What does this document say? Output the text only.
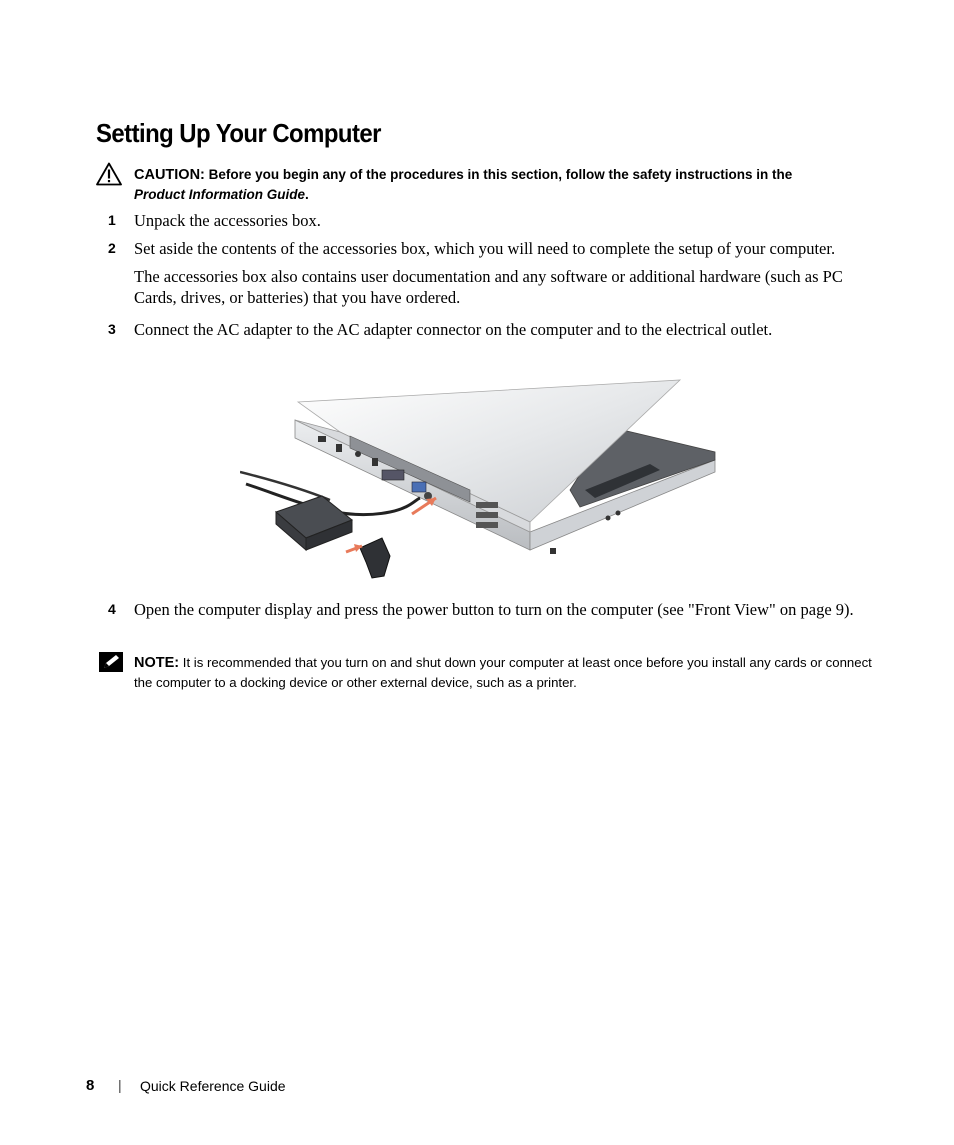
Setting Up Your Computer
CAUTION: Before you begin any of the procedures in this section, follow the safety instructions in the
Product Information Guide.
1 Unpack the accessories box.
2 Set aside the contents of the accessories box, which you will need to complete the setup of your computer.
The accessories box also contains user documentation and any software or additional hardware (such as PC Cards, drives, or batteries) that you have ordered.
3 Connect the AC adapter to the AC adapter connector on the computer and to the electrical outlet.
4 Open the computer display and press the power button to turn on the computer (see "Front View" on page 9).
NOTE: It is recommended that you turn on and shut down your computer at least once before you install any cards or connect the computer to a docking device or other external device, such as a printer.
8 | Quick Reference Guide
